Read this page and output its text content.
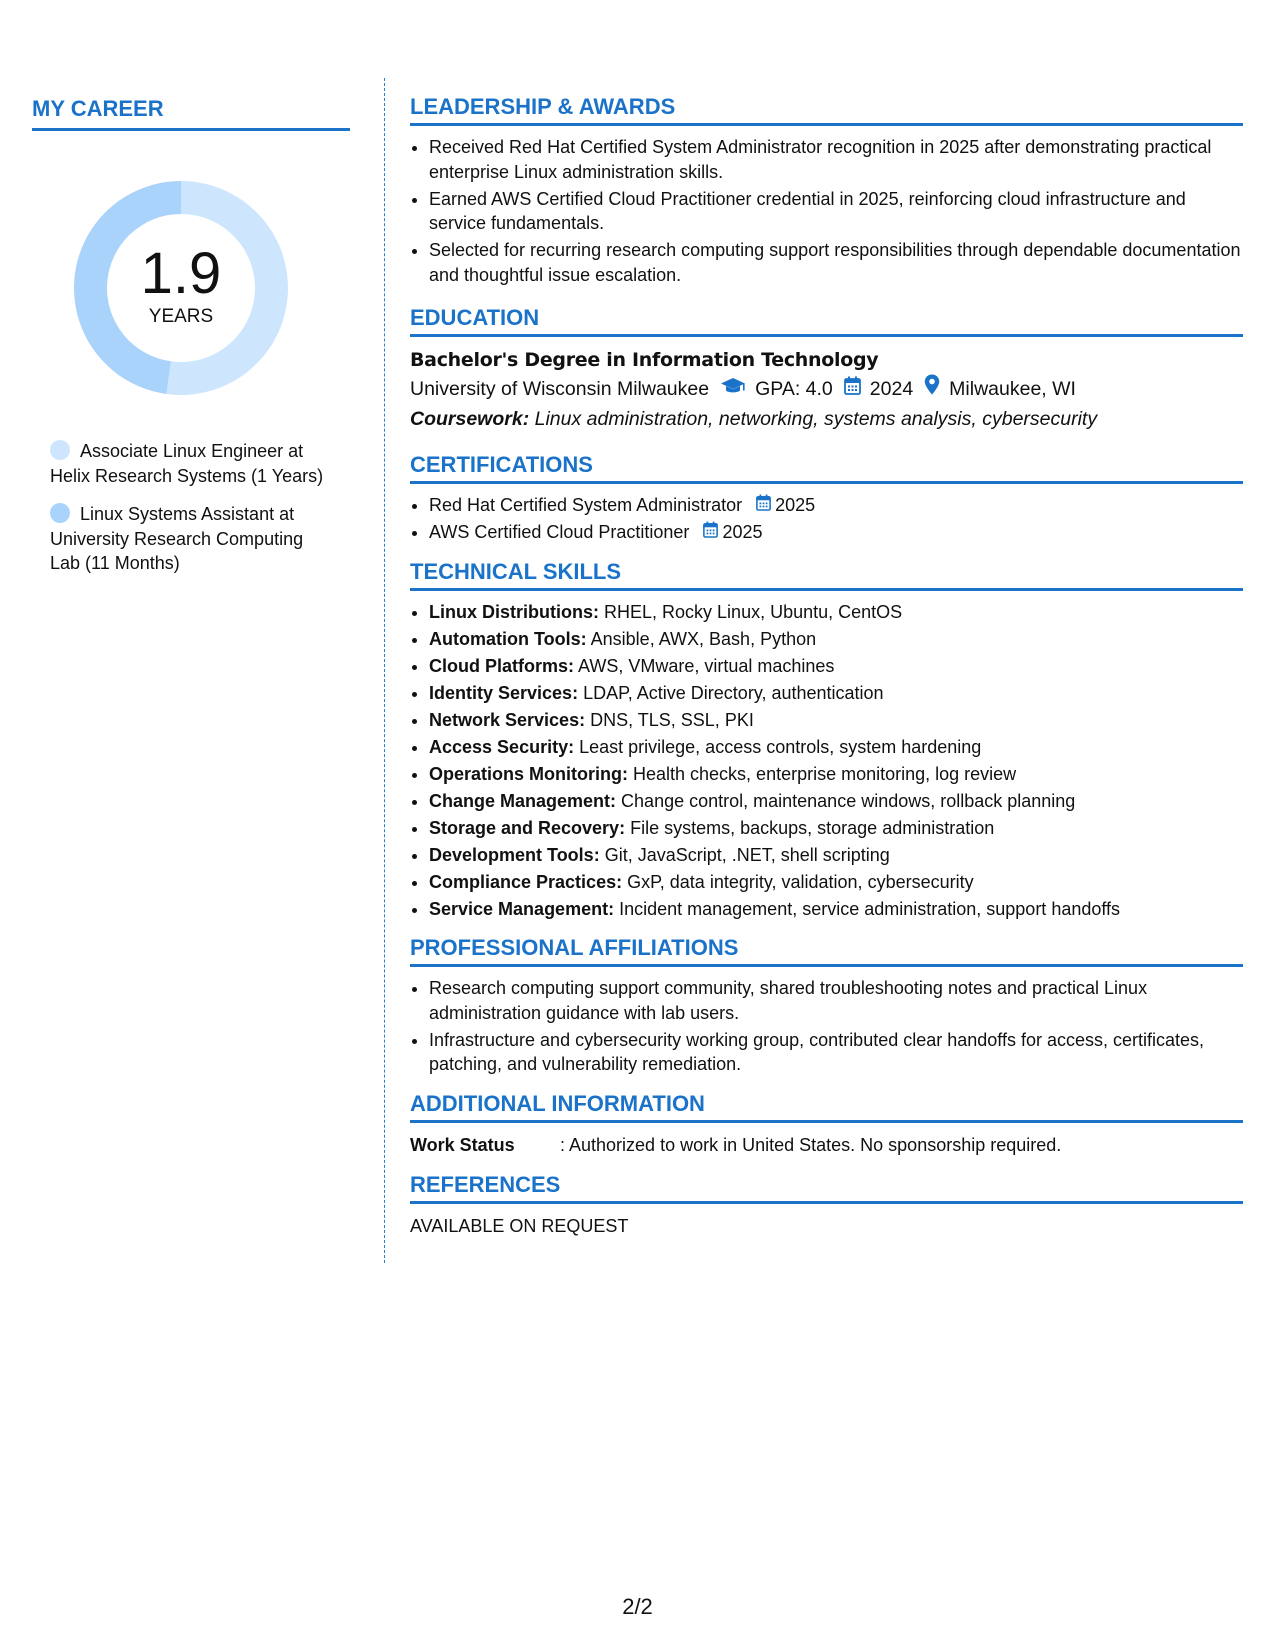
MY CAREER
1.9
YEARS
Associate Linux Engineer at Helix Research Systems (1 Years)
Linux Systems Assistant at University Research Computing Lab (11 Months)
LEADERSHIP & AWARDS
• Received Red Hat Certified System Administrator recognition in 2025 after demonstrating practical enterprise Linux administration skills.
• Earned AWS Certified Cloud Practitioner credential in 2025, reinforcing cloud infrastructure and service fundamentals.
• Selected for recurring research computing support responsibilities through dependable documentation and thoughtful issue escalation.
EDUCATION
Bachelor's Degree in Information Technology
University of Wisconsin Milwaukee GPA: 4.0 2024 Milwaukee, WI
Coursework: Linux administration, networking, systems analysis, cybersecurity
CERTIFICATIONS
• Red Hat Certified System Administrator 2025
• AWS Certified Cloud Practitioner 2025
TECHNICAL SKILLS
• Linux Distributions: RHEL, Rocky Linux, Ubuntu, CentOS
• Automation Tools: Ansible, AWX, Bash, Python
• Cloud Platforms: AWS, VMware, virtual machines
• Identity Services: LDAP, Active Directory, authentication
• Network Services: DNS, TLS, SSL, PKI
• Access Security: Least privilege, access controls, system hardening
• Operations Monitoring: Health checks, enterprise monitoring, log review
• Change Management: Change control, maintenance windows, rollback planning
• Storage and Recovery: File systems, backups, storage administration
• Development Tools: Git, JavaScript, .NET, shell scripting
• Compliance Practices: GxP, data integrity, validation, cybersecurity
• Service Management: Incident management, service administration, support handoffs
PROFESSIONAL AFFILIATIONS
• Research computing support community, shared troubleshooting notes and practical Linux administration guidance with lab users.
• Infrastructure and cybersecurity working group, contributed clear handoffs for access, certificates, patching, and vulnerability remediation.
ADDITIONAL INFORMATION
Work Status	: Authorized to work in United States. No sponsorship required.
REFERENCES
AVAILABLE ON REQUEST
2/2
